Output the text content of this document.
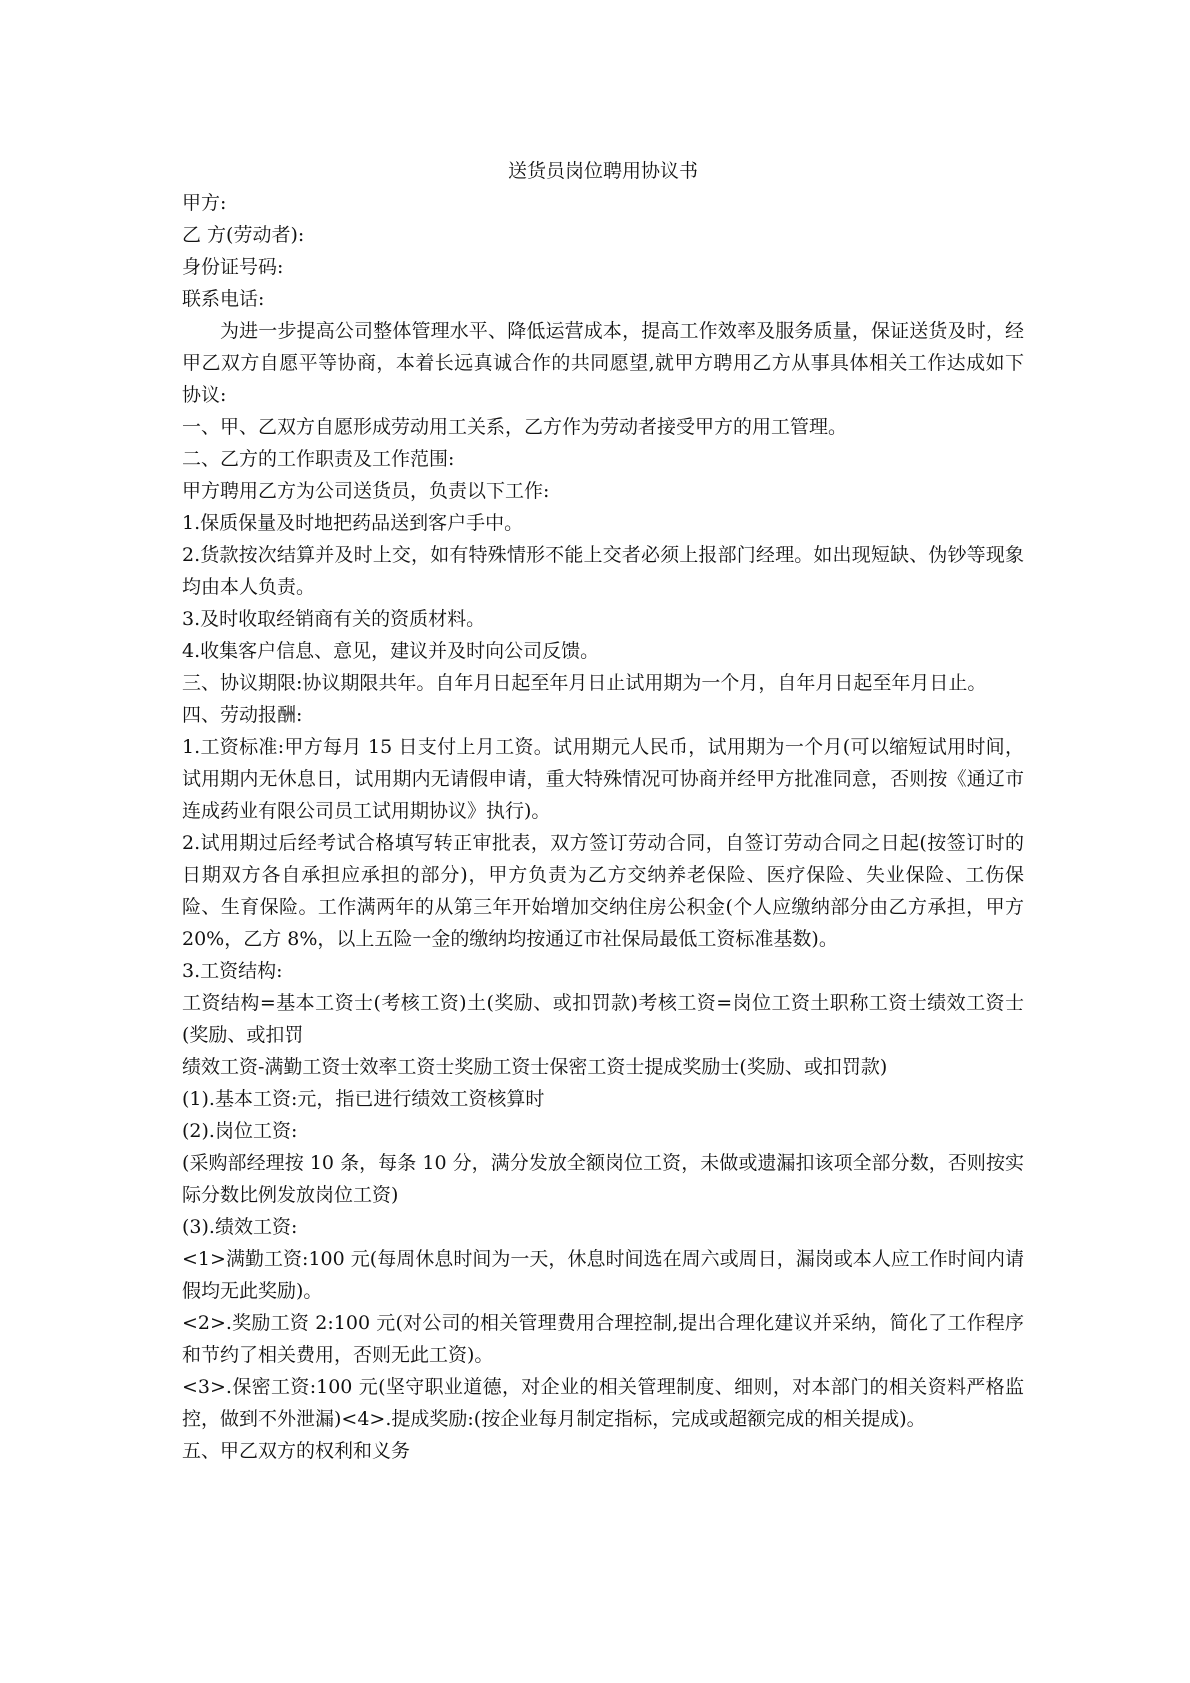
送货员岗位聘用协议书

甲方:

乙 方(劳动者):

身份证号码:

联系电话:

为进一步提高公司整体管理水平、降低运营成本，提高工作效率及服务质量，保证送货及时，经甲乙双方自愿平等协商，本着长远真诚合作的共同愿望,就甲方聘用乙方从事具体相关工作达成如下协议:

一、甲、乙双方自愿形成劳动用工关系，乙方作为劳动者接受甲方的用工管理。

二、乙方的工作职责及工作范围:

甲方聘用乙方为公司送货员，负责以下工作:

1.保质保量及时地把药品送到客户手中。

2.货款按次结算并及时上交，如有特殊情形不能上交者必须上报部门经理。如出现短缺、伪钞等现象均由本人负责。

3.及时收取经销商有关的资质材料。

4.收集客户信息、意见，建议并及时向公司反馈。

三、协议期限:协议期限共年。自年月日起至年月日止试用期为一个月，自年月日起至年月日止。

四、劳动报酬:

1.工资标准:甲方每月 15 日支付上月工资。试用期元人民币，试用期为一个月(可以缩短试用时间，试用期内无休息日，试用期内无请假申请，重大特殊情况可协商并经甲方批准同意，否则按《通辽市连成药业有限公司员工试用期协议》执行)。

2.试用期过后经考试合格填写转正审批表，双方签订劳动合同，自签订劳动合同之日起(按签订时的日期双方各自承担应承担的部分)，甲方负责为乙方交纳养老保险、医疗保险、失业保险、工伤保险、生育保险。工作满两年的从第三年开始增加交纳住房公积金(个人应缴纳部分由乙方承担，甲方 20%，乙方 8%，以上五险一金的缴纳均按通辽市社保局最低工资标准基数)。

3.工资结构:

工资结构=基本工资士(考核工资)土(奖励、或扣罚款)考核工资=岗位工资土职称工资士绩效工资士(奖励、或扣罚

绩效工资-满勤工资士效率工资士奖励工资士保密工资士提成奖励士(奖励、或扣罚款)

(1).基本工资:元，指已进行绩效工资核算时

(2).岗位工资:

(采购部经理按 10 条，每条 10 分，满分发放全额岗位工资，未做或遗漏扣该项全部分数，否则按实际分数比例发放岗位工资)

(3).绩效工资:

<1>满勤工资:100 元(每周休息时间为一天，休息时间选在周六或周日，漏岗或本人应工作时间内请假均无此奖励)。

<2>.奖励工资 2:100 元(对公司的相关管理费用合理控制,提出合理化建议并采纳，简化了工作程序和节约了相关费用，否则无此工资)。

<3>.保密工资:100 元(坚守职业道德，对企业的相关管理制度、细则，对本部门的相关资料严格监控，做到不外泄漏)<4>.提成奖励:(按企业每月制定指标，完成或超额完成的相关提成)。

五、甲乙双方的权利和义务
